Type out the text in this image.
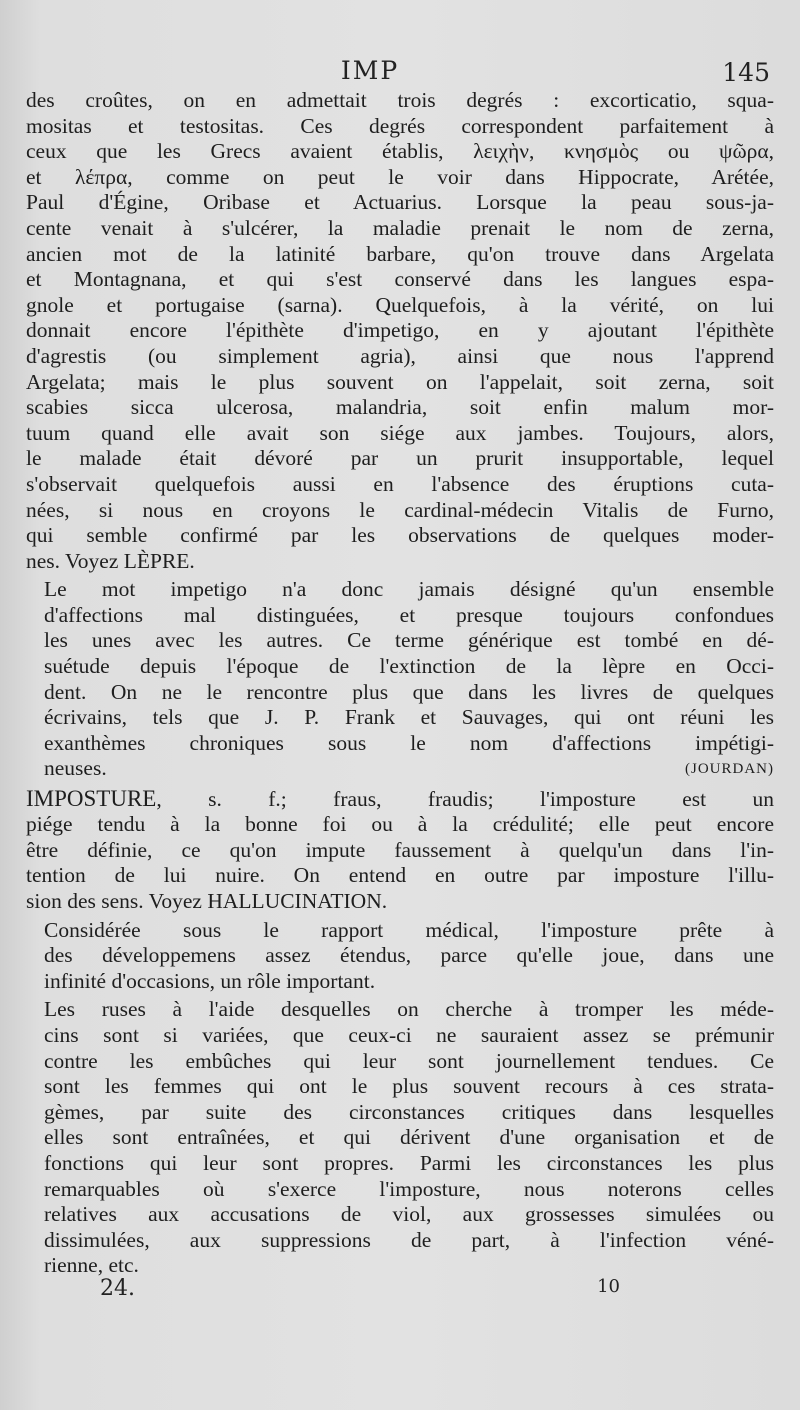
IMP	145

des croûtes, on en admettait trois degrés : excorticatio, squa-
mositas et testositas. Ces degrés correspondent parfaitement à
ceux que les Grecs avaient établis, λειχὴν, κνησμὸς ou ψῶρα,
et λέπρα, comme on peut le voir dans Hippocrate, Arétée,
Paul d'Égine, Oribase et Actuarius. Lorsque la peau sous-ja-
cente venait à s'ulcérer, la maladie prenait le nom de zerna,
ancien mot de la latinité barbare, qu'on trouve dans Argelata
et Montagnana, et qui s'est conservé dans les langues espa-
gnole et portugaise (sarna). Quelquefois, à la vérité, on lui
donnait encore l'épithète d'impetigo, en y ajoutant l'épithète
d'agrestis (ou simplement agria), ainsi que nous l'apprend
Argelata; mais le plus souvent on l'appelait, soit zerna, soit
scabies sicca ulcerosa, malandria, soit enfin malum mor-
tuum quand elle avait son siége aux jambes. Toujours, alors,
le malade était dévoré par un prurit insupportable, lequel
s'observait quelquefois aussi en l'absence des éruptions cuta-
nées, si nous en croyons le cardinal-médecin Vitalis de Furno,
qui semble confirmé par les observations de quelques moder-
nes. Voyez LÈPRE.

Le mot impetigo n'a donc jamais désigné qu'un ensemble
d'affections mal distinguées, et presque toujours confondues
les unes avec les autres. Ce terme générique est tombé en dé-
suétude depuis l'époque de l'extinction de la lèpre en Occi-
dent. On ne le rencontre plus que dans les livres de quelques
écrivains, tels que J. P. Frank et Sauvages, qui ont réuni les
exanthèmes chroniques sous le nom d'affections impétigi-
neuses.	(JOURDAN)

IMPOSTURE, s. f.; fraus, fraudis; l'imposture est un
piége tendu à la bonne foi ou à la crédulité; elle peut encore
être définie, ce qu'on impute faussement à quelqu'un dans l'in-
tention de lui nuire. On entend en outre par imposture l'illu-
sion des sens. Voyez HALLUCINATION.

Considérée sous le rapport médical, l'imposture prête à
des développemens assez étendus, parce qu'elle joue, dans une
infinité d'occasions, un rôle important.

Les ruses à l'aide desquelles on cherche à tromper les méde-
cins sont si variées, que ceux-ci ne sauraient assez se prémunir
contre les embûches qui leur sont journellement tendues. Ce
sont les femmes qui ont le plus souvent recours à ces strata-
gèmes, par suite des circonstances critiques dans lesquelles
elles sont entraînées, et qui dérivent d'une organisation et de
fonctions qui leur sont propres. Parmi les circonstances les plus
remarquables où s'exerce l'imposture, nous noterons celles
relatives aux accusations de viol, aux grossesses simulées ou
dissimulées, aux suppressions de part, à l'infection véné-
rienne, etc.

24.	10
